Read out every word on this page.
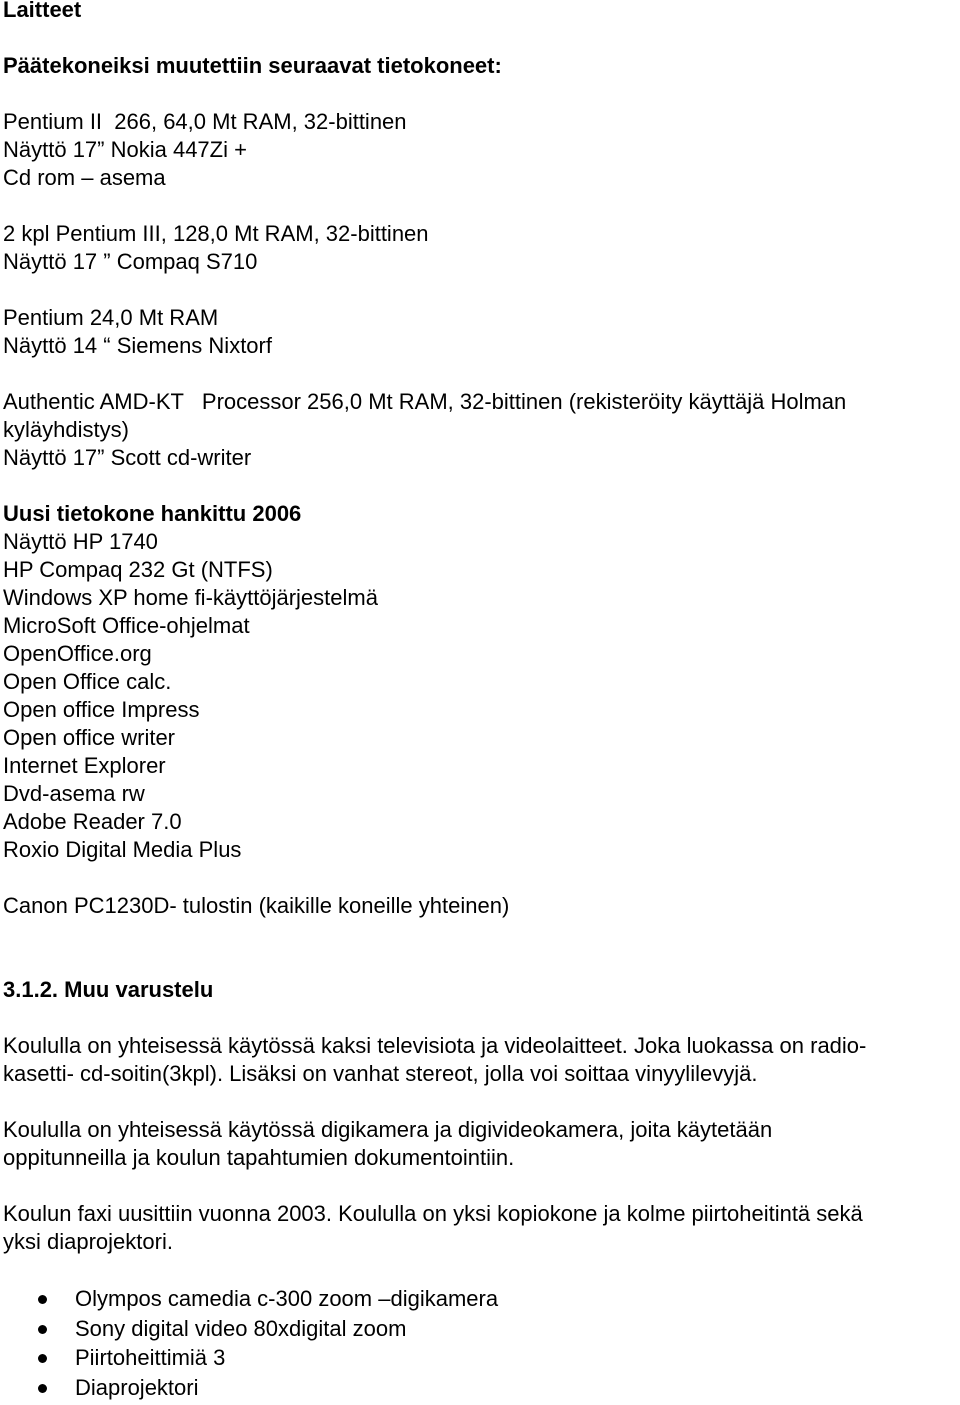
Laitteet
Päätekoneiksi muutettiin seuraavat tietokoneet:
Pentium II  266, 64,0 Mt RAM, 32-bittinen
Näyttö 17” Nokia 447Zi +
Cd rom – asema
2 kpl Pentium III, 128,0 Mt RAM, 32-bittinen
Näyttö 17 ” Compaq S710
Pentium 24,0 Mt RAM
Näyttö 14 “ Siemens Nixtorf
Authentic AMD-KT   Processor 256,0 Mt RAM, 32-bittinen (rekisteröity käyttäjä Holman
kyläyhdistys)
Näyttö 17” Scott cd-writer
Uusi tietokone hankittu 2006
Näyttö HP 1740
HP Compaq 232 Gt (NTFS)
Windows XP home fi-käyttöjärjestelmä
MicroSoft Office-ohjelmat
OpenOffice.org
Open Office calc.
Open office Impress
Open office writer
Internet Explorer
Dvd-asema rw
Adobe Reader 7.0
Roxio Digital Media Plus
Canon PC1230D- tulostin (kaikille koneille yhteinen)
3.1.2. Muu varustelu
Koululla on yhteisessä käytössä kaksi televisiota ja videolaitteet. Joka luokassa on radio-
kasetti- cd-soitin(3kpl). Lisäksi on vanhat stereot, jolla voi soittaa vinyylilevyjä.
Koululla on yhteisessä käytössä digikamera ja digivideokamera, joita käytetään
oppitunneilla ja koulun tapahtumien dokumentointiin.
Koulun faxi uusittiin vuonna 2003. Koululla on yksi kopiokone ja kolme piirtoheitintä sekä
yksi diaprojektori.
Olympos camedia c-300 zoom –digikamera
Sony digital video 80xdigital zoom
Piirtoheittimiä 3
Diaprojektori
